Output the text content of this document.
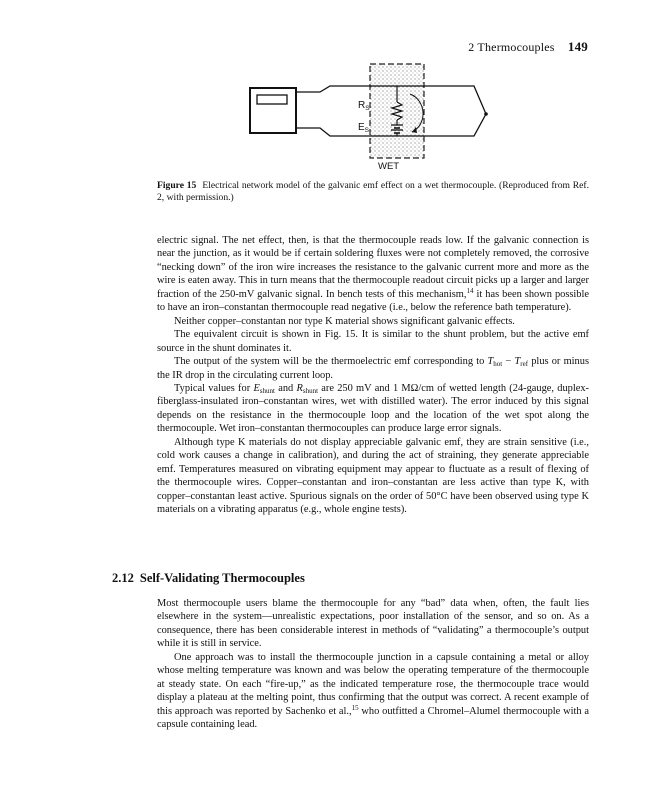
2 Thermocouples 149
$R_S$
$E_S$
WET
Figure 15 Electrical network model of the galvanic emf effect on a wet thermocouple. (Reproduced from Ref. 2, with permission.)

electric signal. The net effect, then, is that the thermocouple reads low. If the galvanic connection is near the junction, as it would be if certain soldering fluxes were not completely removed, the corrosive “necking down” of the iron wire increases the resistance to the galvanic current more and more as the wire is eaten away. This in turn means that the thermocouple readout circuit picks up a larger and larger fraction of the 250-mV galvanic signal. In bench tests of this mechanism,$^{14}$ it has been shown possible to have an iron–constantan thermocouple read negative (i.e., below the reference bath temperature).

Neither copper–constantan nor type K material shows significant galvanic effects.

The equivalent circuit is shown in Fig. 15. It is similar to the shunt problem, but the active emf source in the shunt dominates it.

The output of the system will be the thermoelectric emf corresponding to $T_{hot} - T_{ref}$ plus or minus the IR drop in the circulating current loop.

Typical values for $E_{shunt}$ and $R_{shunt}$ are 250 mV and 1 MΩ/cm of wetted length (24-gauge, duplex-fiberglass-insulated iron–constantan wires, wet with distilled water). The error induced by this signal depends on the resistance in the thermocouple loop and the location of the wet spot along the thermocouple. Wet iron–constantan thermocouples can produce large error signals.

Although type K materials do not display appreciable galvanic emf, they are strain sensitive (i.e., cold work causes a change in calibration), and during the act of straining, they generate appreciable emf. Temperatures measured on vibrating equipment may appear to fluctuate as a result of flexing of the thermocouple wires. Copper–constantan and iron–constantan are less active than type K, with copper–constantan least active. Spurious signals on the order of 50°C have been observed using type K materials on a vibrating apparatus (e.g., whole engine tests).

2.12 Self-Validating Thermocouples

Most thermocouple users blame the thermocouple for any “bad” data when, often, the fault lies elsewhere in the system—unrealistic expectations, poor installation of the sensor, and so on. As a consequence, there has been considerable interest in methods of “validating” a thermocouple’s output while it is still in service.

One approach was to install the thermocouple junction in a capsule containing a metal or alloy whose melting temperature was known and was below the operating temperature of the thermocouple at steady state. On each “fire-up,” as the indicated temperature rose, the thermocouple trace would display a plateau at the melting point, thus confirming that the output was correct. A recent example of this approach was reported by Sachenko et al.,$^{15}$ who outfitted a Chromel–Alumel thermocouple with a capsule containing lead.
